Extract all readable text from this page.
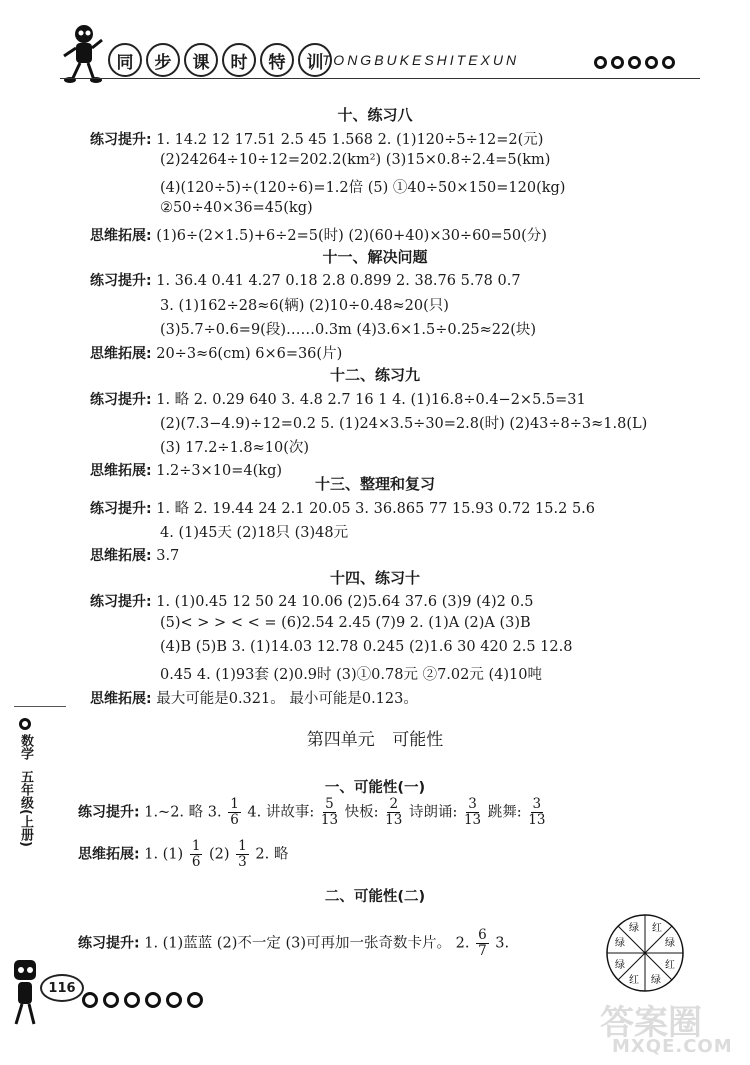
同	步	课	时	特	训
TONGBUKESHITEXUN
十、练习八
练习提升: 1. 14.2 12 17.51 2.5 45 1.568 2. (1)120÷5÷12=2(元)
(2)24264÷10÷12=202.2(km²) (3)15×0.8÷2.4=5(km)
(4)(120÷5)÷(120÷6)=1.2倍 (5) ①40÷50×150=120(kg)
②50÷40×36=45(kg)
思维拓展: (1)6÷(2×1.5)+6÷2=5(时) (2)(60+40)×30÷60=50(分)
十一、解决问题
练习提升: 1. 36.4 0.41 4.27 0.18 2.8 0.899 2. 38.76 5.78 0.7
3. (1)162÷28≈6(辆) (2)10÷0.48≈20(只)
(3)5.7÷0.6=9(段)……0.3m (4)3.6×1.5÷0.25≈22(块)
思维拓展: 20÷3≈6(cm) 6×6=36(片)
十二、练习九
练习提升: 1. 略 2. 0.29 640 3. 4.8 2.7 16 1 4. (1)16.8÷0.4−2×5.5=31
(2)(7.3−4.9)÷12=0.2 5. (1)24×3.5÷30=2.8(时) (2)43÷8÷3≈1.8(L)
(3) 17.2÷1.8≈10(次)
思维拓展: 1.2÷3×10=4(kg)
十三、整理和复习
练习提升: 1. 略 2. 19.44 24 2.1 20.05 3. 36.865 77 15.93 0.72 15.2 5.6
4. (1)45天 (2)18只 (3)48元
思维拓展: 3.7
十四、练习十
练习提升: 1. (1)0.45 12 50 24 10.06 (2)5.64 37.6 (3)9 (4)2 0.5
(5)< > > < < = (6)2.54 2.45 (7)9 2. (1)A (2)A (3)B
(4)B (5)B 3. (1)14.03 12.78 0.245 (2)1.6 30 420 2.5 12.8
0.45 4. (1)93套 (2)0.9时 (3)①0.78元 ②7.02元 (4)10吨
思维拓展: 最大可能是0.321。 最小可能是0.123。
数学
五年级(上册)
第四单元 可能性
一、可能性(一)
练习提升: 1.~2. 略 3. $\frac{1}{6} 4$. 讲故事: $\frac{5}{13}$ 快板: $\frac{2}{13}$ 诗朗诵: $\frac{3}{13}$ 跳舞: $\frac{3}{13}$
思维拓展: 1. $(1) \frac{1}{6} (2) \frac{1}{3} 2$. 略
二、可能性(二)
练习提升: 1. (1)蓝蓝 (2)不一定 (3)可再加一张奇数卡片。 2. $\frac{6}{7} 3$.
红
绿
红
绿
红
绿
绿
绿
116
答案圈
MXQE.COM
